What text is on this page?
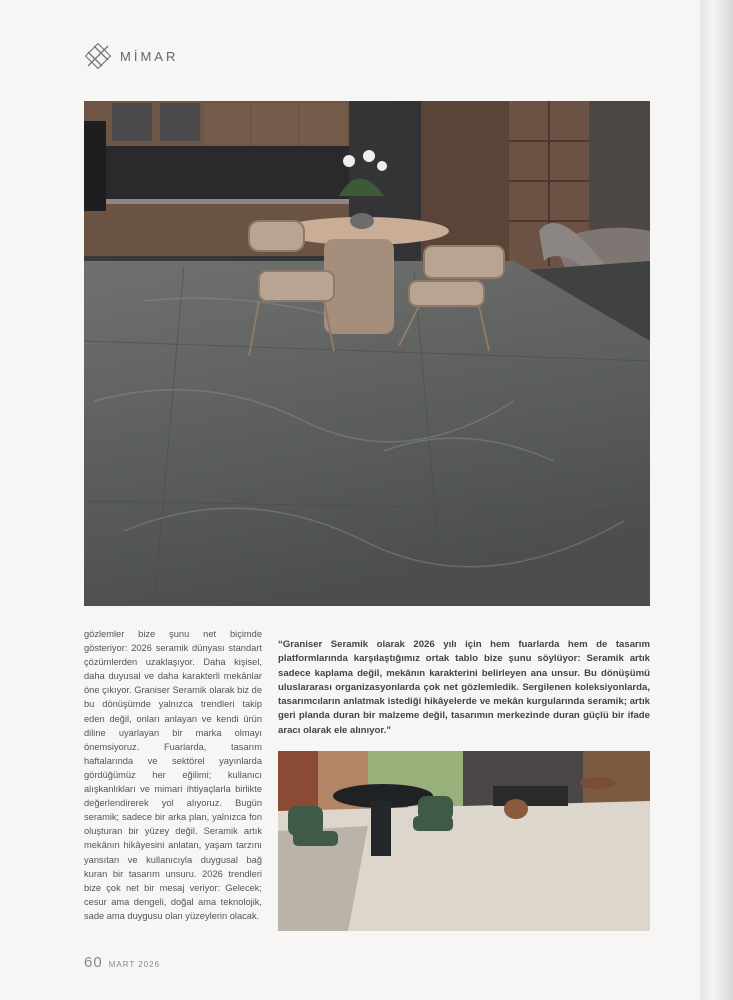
MİMAR

gözlemler bize şunu net biçimde gösteriyor: 2026 seramik dünyası standart çözümlerden uzaklaşıyor. Daha kişisel, daha duyusal ve daha karakterli mekânlar öne çıkıyor. Graniser Seramik olarak biz de bu dönüşümde yalnızca trendleri takip eden değil, onları anlayan ve kendi ürün diline uyarlayan bir marka olmayı önemsiyoruz. Fuarlarda, tasarım haftalarında ve sektörel yayınlarda gördüğümüz her eğilimi; kullanıcı alışkanlıkları ve mimari ihtiyaçlarla birlikte değerlendirerek yol alıyoruz. Bugün seramik; sadece bir arka plan, yalnızca fon oluşturan bir yüzey değil. Seramik artık mekânın hikâyesini anlatan, yaşam tarzını yansıtan ve kullanıcıyla duygusal bağ kuran bir tasarım unsuru. 2026 trendleri bize çok net bir mesaj veriyor: Gelecek; cesur ama dengeli, doğal ama teknolojik, sade ama duygusu olan yüzeylerin olacak.

“Graniser Seramik olarak 2026 yılı için hem fuarlarda hem de tasarım platformlarında karşılaştığımız ortak tablo bize şunu söylüyor: Seramik artık sadece kaplama değil, mekânın karakterini belirleyen ana unsur. Bu dönüşümü uluslararası organizasyonlarda çok net gözlemledik. Sergilenen koleksiyonlarda, tasarımcıların anlatmak istediği hikâyelerde ve mekân kurgularında seramik; artık geri planda duran bir malzeme değil, tasarımın merkezinde duran güçlü bir ifade aracı olarak ele alınıyor.”
60 MART 2026
